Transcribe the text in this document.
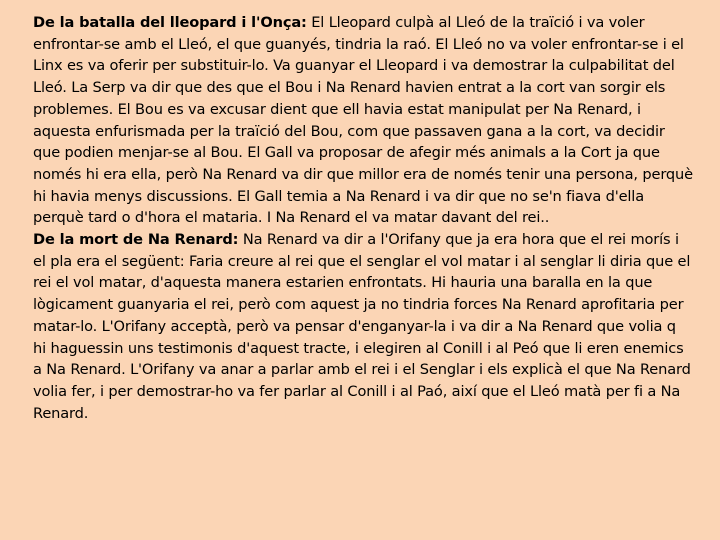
De la batalla del lleopard i l'Onça: El Lleopard culpà al Lleó de la traïció i va voler enfrontar-se amb el Lleó, el que guanyés, tindria la raó. El Lleó no va voler enfrontar-se i el Linx es va oferir per substituir-lo. Va guanyar el Lleopard i va demostrar la culpabilitat del Lleó. La Serp va dir que des que el Bou i Na Renard havien entrat a la cort van sorgir els problemes. El Bou es va excusar dient que ell havia estat manipulat per Na Renard, i aquesta enfurismada per la traïció del Bou, com que passaven gana a la cort, va decidir que podien menjar-se al Bou. El Gall va proposar de afegir més animals a la Cort ja que només hi era ella, però Na Renard va dir que millor era de només tenir una persona, perquè hi havia menys discussions. El Gall temia a Na Renard i va dir que no se'n fiava d'ella perquè tard o d'hora el mataria. I Na Renard el va matar davant del rei..

De la mort de Na Renard: Na Renard va dir a l'Orifany que ja era hora que el rei morís i el pla era el següent: Faria creure al rei que el senglar el vol matar i al senglar li diria que el rei el vol matar, d'aquesta manera estarien enfrontats. Hi hauria una baralla en la que lògicament guanyaria el rei, però com aquest ja no tindria forces Na Renard aprofitaria per matar-lo. L'Orifany acceptà, però va pensar d'enganyar-la i va dir a Na Renard que volia q hi haguessin uns testimonis d'aquest tracte, i elegiren al Conill i al Peó que li eren enemics a Na Renard. L'Orifany va anar a parlar amb el rei i el Senglar i els explicà el que Na Renard volia fer, i per demostrar-ho va fer parlar al Conill i al Paó, així que el Lleó matà per fi a Na Renard.
